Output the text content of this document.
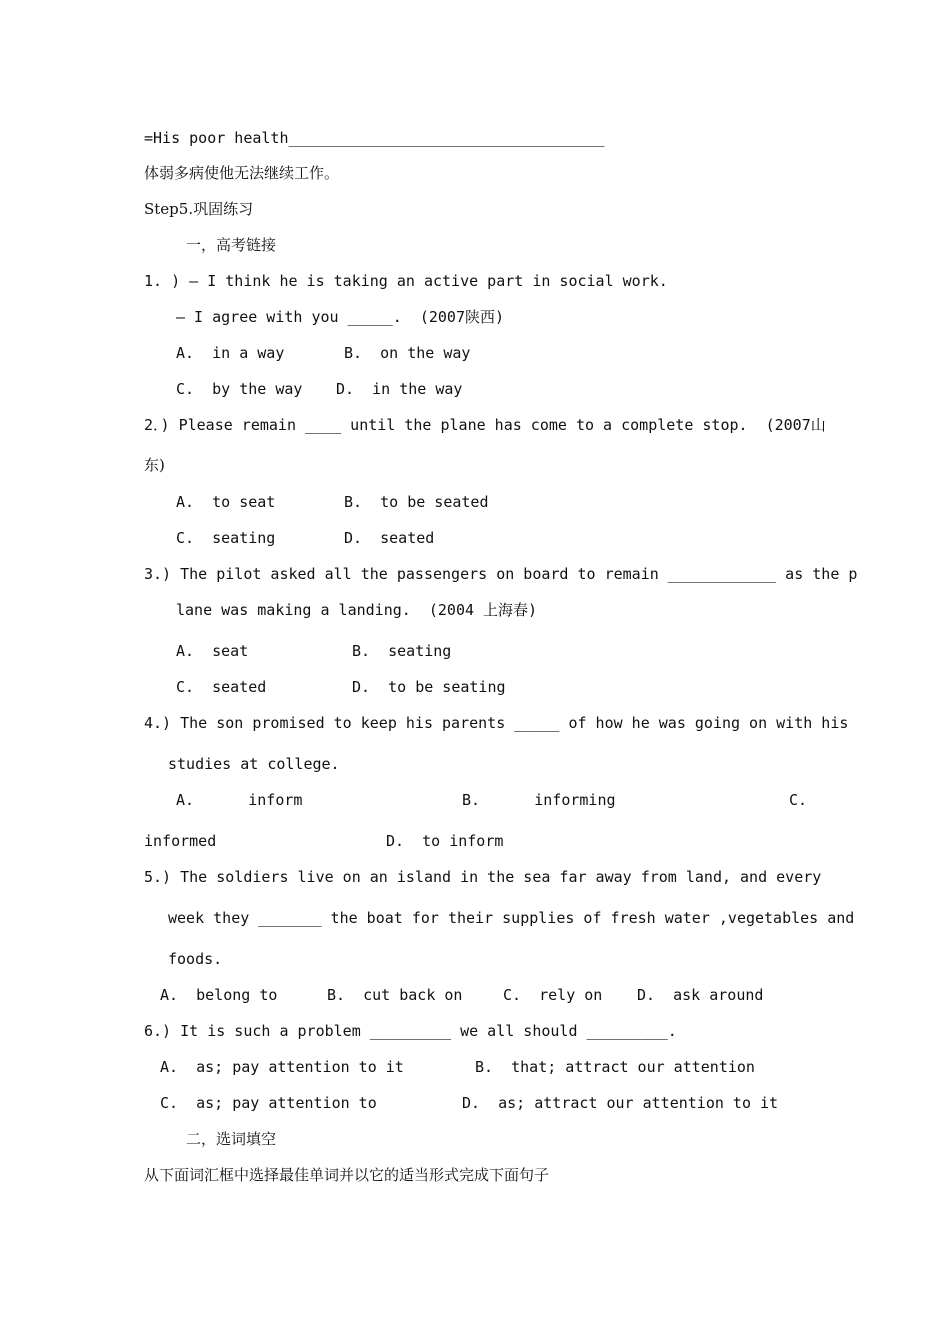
=His poor health___________________________________
体弱多病使他无法继续工作。
Step5.巩固练习
一，高考链接
1. ) — I think he is taking an active part in social work.
— I agree with you _____.  (2007陕西)
A.  in a way	B.  on the way
C.  by the way D.  in the way
2．) Please remain ____ until the plane has come to a complete stop.  (2007山
东)
A.  to seat	B.  to be seated
C.  seating	D.  seated
3.) The pilot asked all the passengers on board to remain ____________ as the p
lane was making a landing.  (2004 上海春)
A.  seat	B.  seating
C.  seated	D.  to be seating
4.) The son promised to keep his parents _____ of how he was going on with his
studies at college.
A.      inform	B.      informing	C.
informed	D.  to inform
5.) The soldiers live on an island in the sea far away from land, and every
week they _______ the boat for their supplies of fresh water ,vegetables and
foods.
A.  belong to	B.  cut back on	C.  rely on D.  ask around
6.) It is such a problem _________ we all should _________.
A.  as; pay attention to it	B.  that; attract our attention
C.  as; pay attention to	D.  as; attract our attention to it
二，选词填空
从下面词汇框中选择最佳单词并以它的适当形式完成下面句子
